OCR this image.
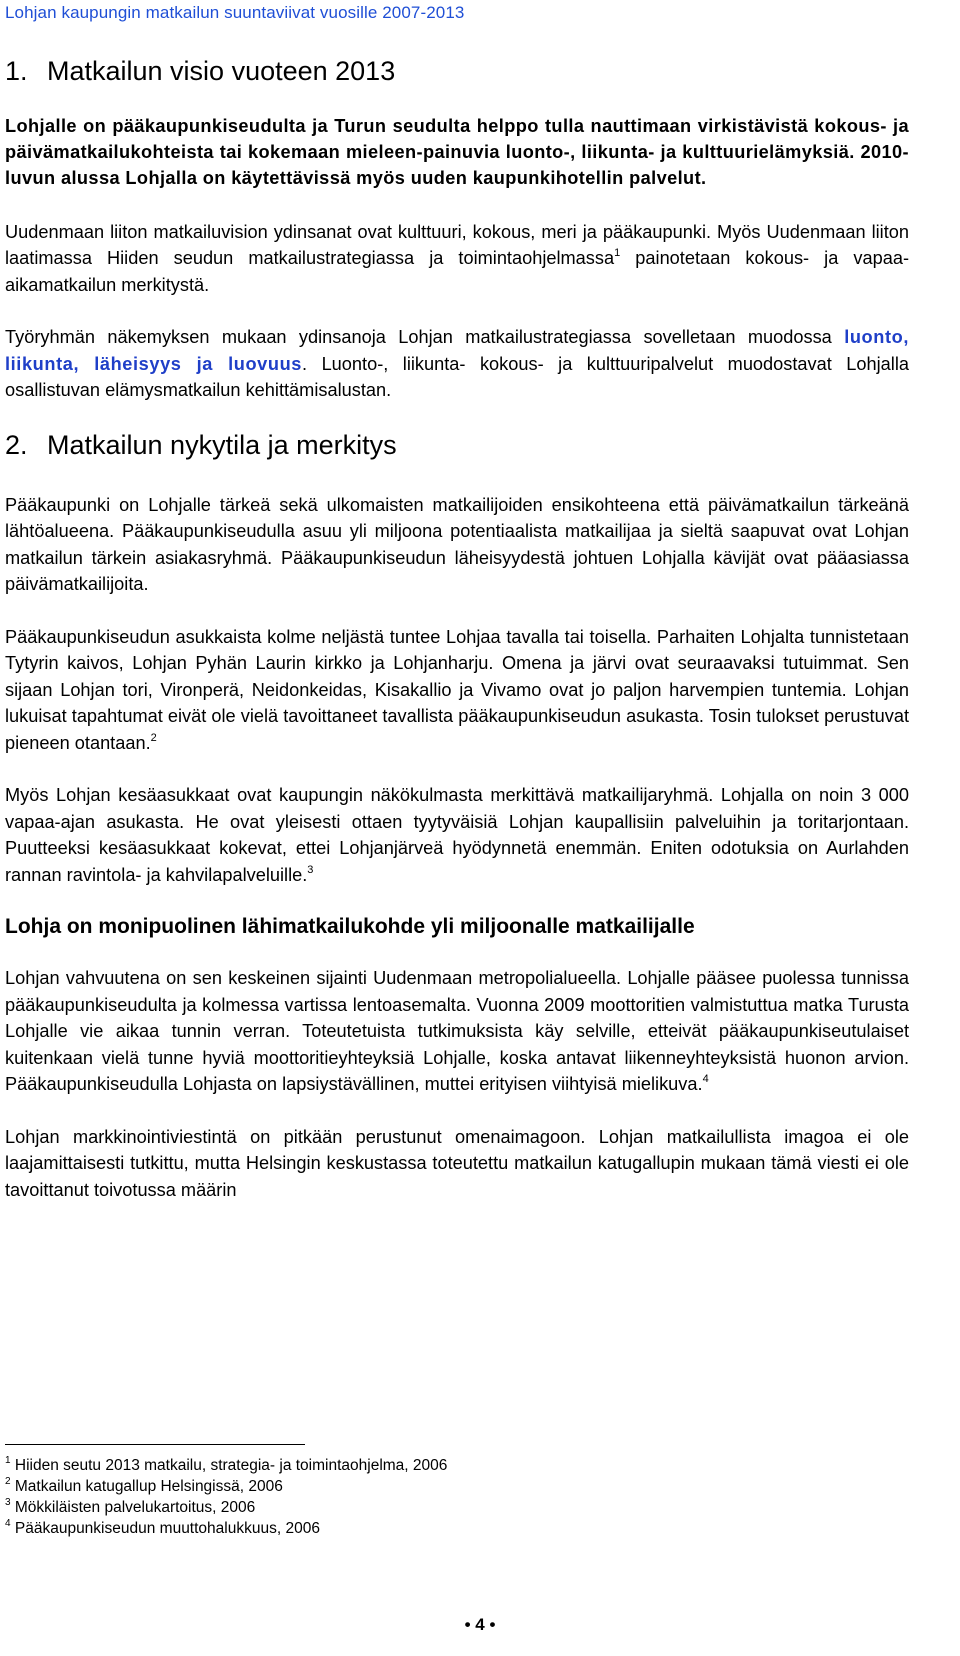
Lohjan kaupungin matkailun suuntaviivat vuosille 2007-2013
1. Matkailun visio vuoteen 2013

Lohjalle on pääkaupunkiseudulta ja Turun seudulta helppo tulla nauttimaan virkistävistä kokous- ja päivämatkailukohteista tai kokemaan mieleen-painuvia luonto-, liikunta- ja kulttuurielämyksiä. 2010-luvun alussa Lohjalla on käytettävissä myös uuden kaupunkihotellin palvelut.

Uudenmaan liiton matkailuvision ydinsanat ovat kulttuuri, kokous, meri ja pääkaupunki. Myös Uudenmaan liiton laatimassa Hiiden seudun matkailustrategiassa ja toimintaohjelmassa$^1$ painotetaan kokous- ja vapaa-aikamatkailun merkitystä.

Työryhmän näkemyksen mukaan ydinsanoja Lohjan matkailustrategiassa sovelletaan muodossa luonto, liikunta, läheisyys ja luovuus. Luonto-, liikunta- kokous- ja kulttuuripalvelut muodostavat Lohjalla osallistuvan elämysmatkailun kehittämisalustan.

2. Matkailun nykytila ja merkitys

Pääkaupunki on Lohjalle tärkeä sekä ulkomaisten matkailijoiden ensikohteena että päivämatkailun tärkeänä lähtöalueena. Pääkaupunkiseudulla asuu yli miljoona potentiaalista matkailijaa ja sieltä saapuvat ovat Lohjan matkailun tärkein asiakasryhmä. Pääkaupunkiseudun läheisyydestä johtuen Lohjalla kävijät ovat pääasiassa päivämatkailijoita.

Pääkaupunkiseudun asukkaista kolme neljästä tuntee Lohjaa tavalla tai toisella. Parhaiten Lohjalta tunnistetaan Tytyrin kaivos, Lohjan Pyhän Laurin kirkko ja Lohjanharju. Omena ja järvi ovat seuraavaksi tutuimmat. Sen sijaan Lohjan tori, Vironperä, Neidonkeidas, Kisakallio ja Vivamo ovat jo paljon harvempien tuntemia. Lohjan lukuisat tapahtumat eivät ole vielä tavoittaneet tavallista pääkaupunkiseudun asukasta. Tosin tulokset perustuvat pieneen otantaan.$^2$

Myös Lohjan kesäasukkaat ovat kaupungin näkökulmasta merkittävä matkailijaryhmä. Lohjalla on noin 3 000 vapaa-ajan asukasta. He ovat yleisesti ottaen tyytyväisiä Lohjan kaupallisiin palveluihin ja toritarjontaan. Puutteeksi kesäasukkaat kokevat, ettei Lohjanjärveä hyödynnetä enemmän. Eniten odotuksia on Aurlahden rannan ravintola- ja kahvilapalveluille.$^3$

Lohja on monipuolinen lähimatkailukohde yli miljoonalle matkailijalle

Lohjan vahvuutena on sen keskeinen sijainti Uudenmaan metropolialueella. Lohjalle pääsee puolessa tunnissa pääkaupunkiseudulta ja kolmessa vartissa lentoasemalta. Vuonna 2009 moottoritien valmistuttua matka Turusta Lohjalle vie aikaa tunnin verran. Toteutetuista tutkimuksista käy selville, etteivät pääkaupunkiseutulaiset kuitenkaan vielä tunne hyviä moottoritieyhteyksiä Lohjalle, koska antavat liikenneyhteyksistä huonon arvion. Pääkaupunkiseudulla Lohjasta on lapsiystävällinen, muttei erityisen viihtyisä mielikuva.$^4$

Lohjan markkinointiviestintä on pitkään perustunut omenaimagoon. Lohjan matkailullista imagoa ei ole laajamittaisesti tutkittu, mutta Helsingin keskustassa toteutettu matkailun katugallupin mukaan tämä viesti ei ole tavoittanut toivotussa määrin

$^1$ Hiiden seutu 2013 matkailu, strategia- ja toimintaohjelma, 2006
$^2$ Matkailun katugallup Helsingissä, 2006
$^3$ Mökkiläisten palvelukartoitus, 2006
$^4$ Pääkaupunkiseudun muuttohalukkuus, 2006
• 4 •
